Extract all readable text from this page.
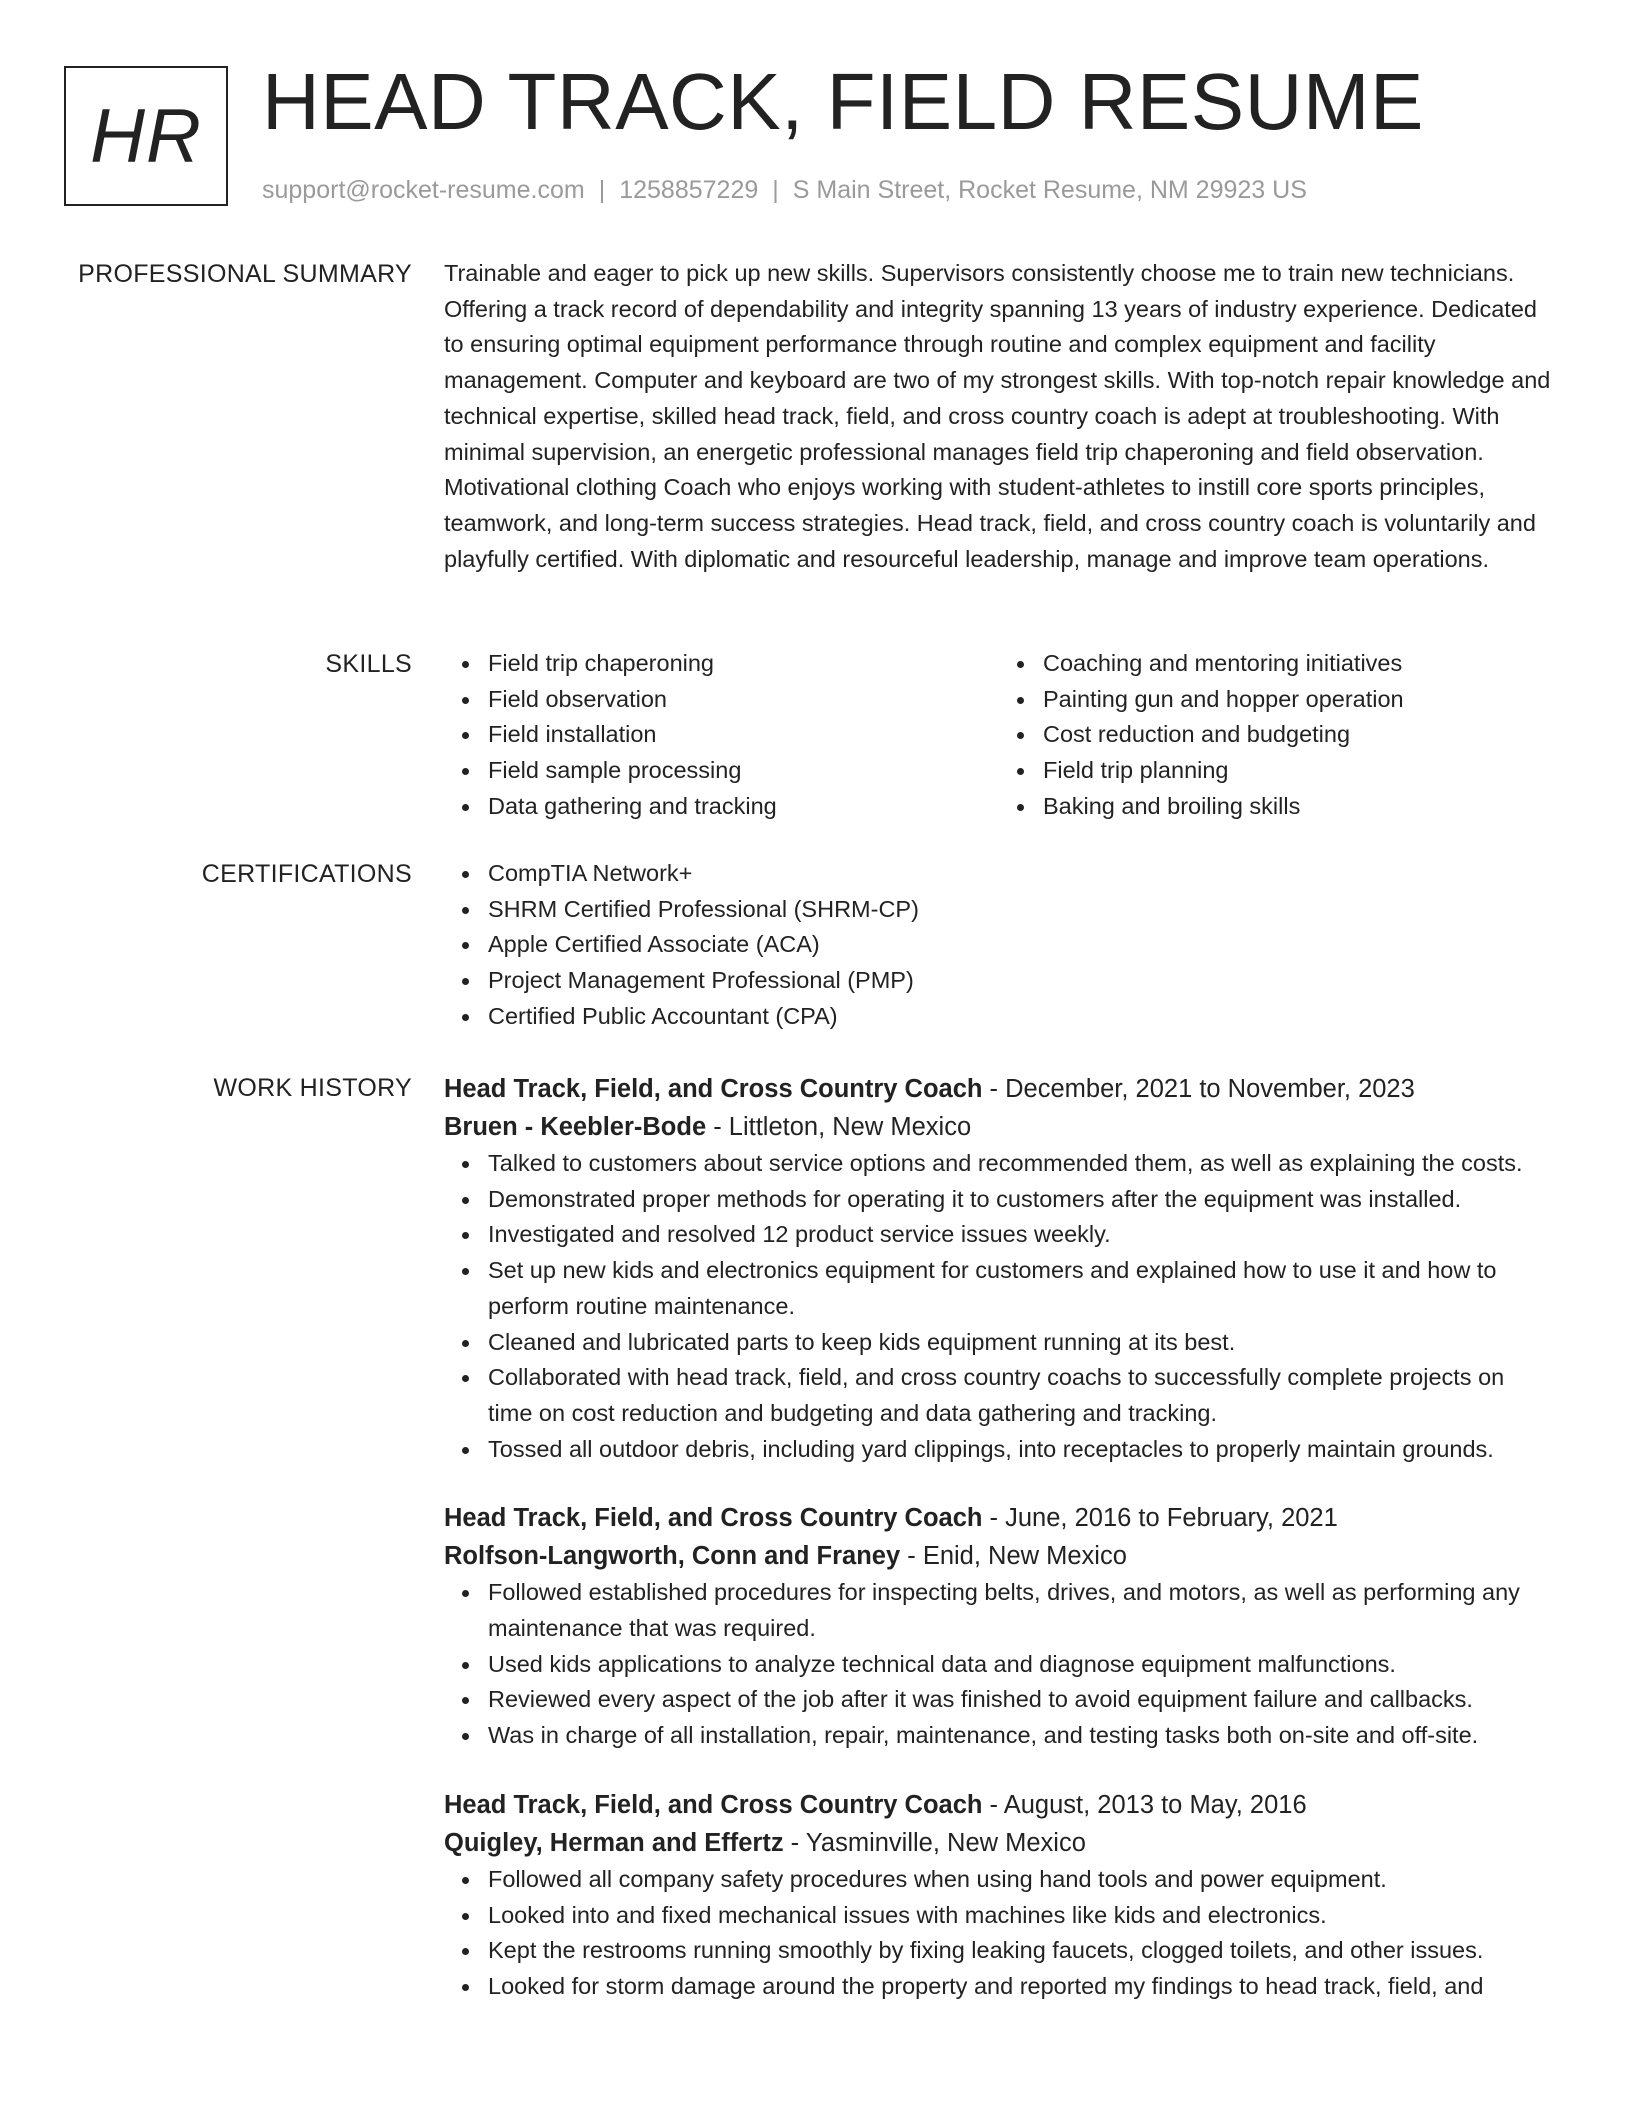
HR HEAD TRACK, FIELD RESUME
support@rocket-resume.com | 1258857229 | S Main Street, Rocket Resume, NM 29923 US
PROFESSIONAL SUMMARY Trainable and eager to pick up new skills. Supervisors consistently choose me to train new technicians. Offering a track record of dependability and integrity spanning 13 years of industry experience. Dedicated to ensuring optimal equipment performance through routine and complex equipment and facility management. Computer and keyboard are two of my strongest skills. With top-notch repair knowledge and technical expertise, skilled head track, field, and cross country coach is adept at troubleshooting. With minimal supervision, an energetic professional manages field trip chaperoning and field observation. Motivational clothing Coach who enjoys working with student-athletes to instill core sports principles, teamwork, and long-term success strategies. Head track, field, and cross country coach is voluntarily and playfully certified. With diplomatic and resourceful leadership, manage and improve team operations.

SKILLS	Field trip chaperoning
Field observation
Field installation
Field sample processing
Data gathering and tracking
Coaching and mentoring initiatives
Painting gun and hopper operation
Cost reduction and budgeting
Field trip planning
Baking and broiling skills
CERTIFICATIONS	CompTIA Network+
SHRM Certified Professional (SHRM-CP)
Apple Certified Associate (ACA)
Project Management Professional (PMP)
Certified Public Accountant (CPA)
WORK HISTORY Head Track, Field, and Cross Country Coach - December, 2021 to November, 2023
Bruen - Keebler-Bode - Littleton, New Mexico
Talked to customers about service options and recommended them, as well as explaining the costs.
Demonstrated proper methods for operating it to customers after the equipment was installed.
Investigated and resolved 12 product service issues weekly.
Set up new kids and electronics equipment for customers and explained how to use it and how to perform routine maintenance.
Cleaned and lubricated parts to keep kids equipment running at its best.
Collaborated with head track, field, and cross country coachs to successfully complete projects on time on cost reduction and budgeting and data gathering and tracking.
Tossed all outdoor debris, including yard clippings, into receptacles to properly maintain grounds.
Head Track, Field, and Cross Country Coach - June, 2016 to February, 2021
Rolfson-Langworth, Conn and Franey - Enid, New Mexico
Followed established procedures for inspecting belts, drives, and motors, as well as performing any maintenance that was required.
Used kids applications to analyze technical data and diagnose equipment malfunctions.
Reviewed every aspect of the job after it was finished to avoid equipment failure and callbacks.
Was in charge of all installation, repair, maintenance, and testing tasks both on-site and off-site.
Head Track, Field, and Cross Country Coach - August, 2013 to May, 2016
Quigley, Herman and Effertz - Yasminville, New Mexico
Followed all company safety procedures when using hand tools and power equipment.
Looked into and fixed mechanical issues with machines like kids and electronics.
Kept the restrooms running smoothly by fixing leaking faucets, clogged toilets, and other issues.
Looked for storm damage around the property and reported my findings to head track, field, and
